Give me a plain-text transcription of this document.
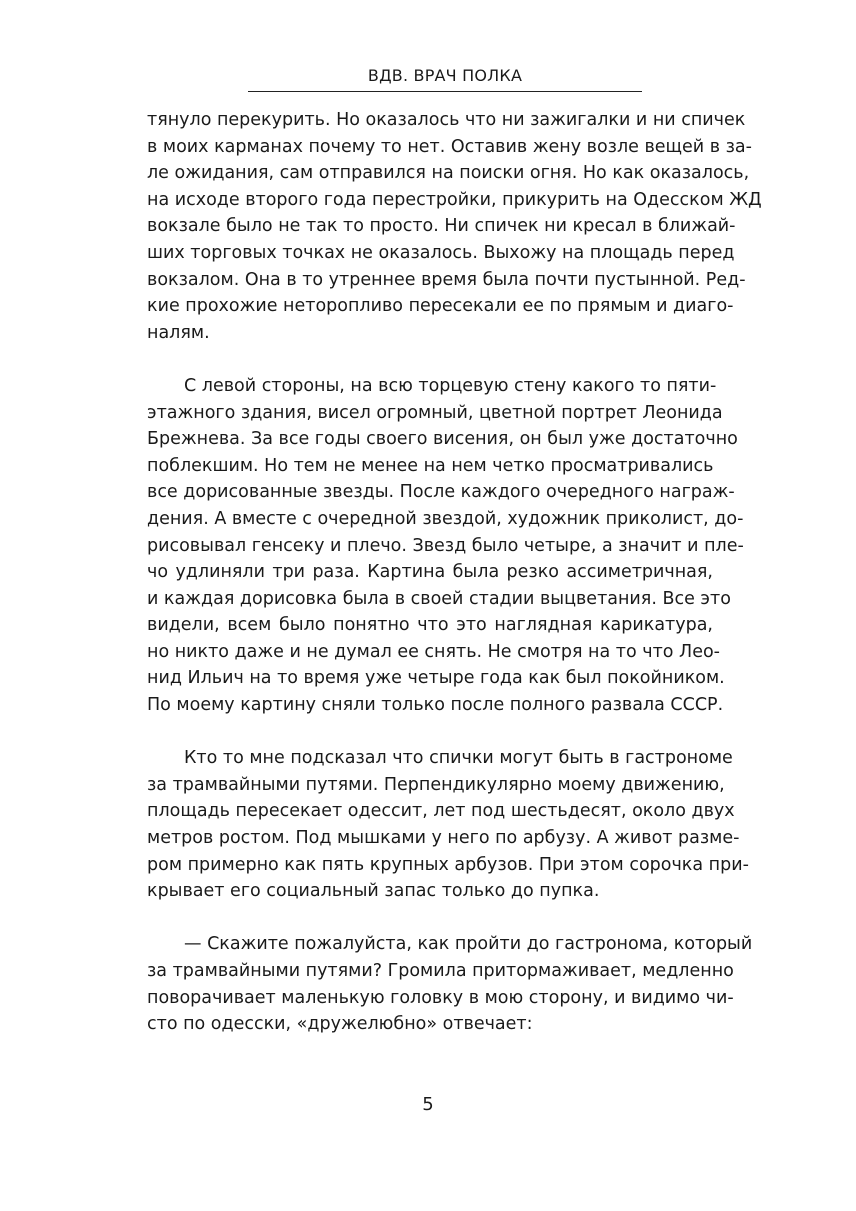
ВДВ. ВРАЧ ПОЛКА

тянуло перекурить. Но оказалось что ни зажигалки и ни спичек
в моих карманах почему то нет. Оставив жену возле вещей в за-
ле ожидания, сам отправился на поиски огня. Но как оказалось,
на исходе второго года перестройки, прикурить на Одесском ЖД
вокзале было не так то просто. Ни спичек ни кресал в ближай-
ших торговых точках не оказалось. Выхожу на площадь перед
вокзалом. Она в то утреннее время была почти пустынной. Ред-
кие прохожие неторопливо пересекали ее по прямым и диаго-
налям.

С левой стороны, на всю торцевую стену какого то пяти-
этажного здания, висел огромный, цветной портрет Леонида
Брежнева. За все годы своего висения, он был уже достаточно
поблекшим. Но тем не менее на нем четко просматривались
все дорисованные звезды. После каждого очередного награж-
дения. А вместе с очередной звездой, художник приколист, до-
рисовывал генсеку и плечо. Звезд было четыре, а значит и пле-
чо удлиняли три раза. Картина была резко ассиметричная,
и каждая дорисовка была в своей стадии выцветания. Все это
видели, всем было понятно что это наглядная карикатура,
но никто даже и не думал ее снять. Не смотря на то что Лео-
нид Ильич на то время уже четыре года как был покойником.
По моему картину сняли только после полного развала СССР.

Кто то мне подсказал что спички могут быть в гастрономе
за трамвайными путями. Перпендикулярно моему движению,
площадь пересекает одессит, лет под шестьдесят, около двух
метров ростом. Под мышками у него по арбузу. А живот разме-
ром примерно как пять крупных арбузов. При этом сорочка при-
крывает его социальный запас только до пупка.

— Скажите пожалуйста, как пройти до гастронома, который
за трамвайными путями? Громила притормаживает, медленно
поворачивает маленькую головку в мою сторону, и видимо чи-
сто по одесски, «дружелюбно» отвечает:

5
